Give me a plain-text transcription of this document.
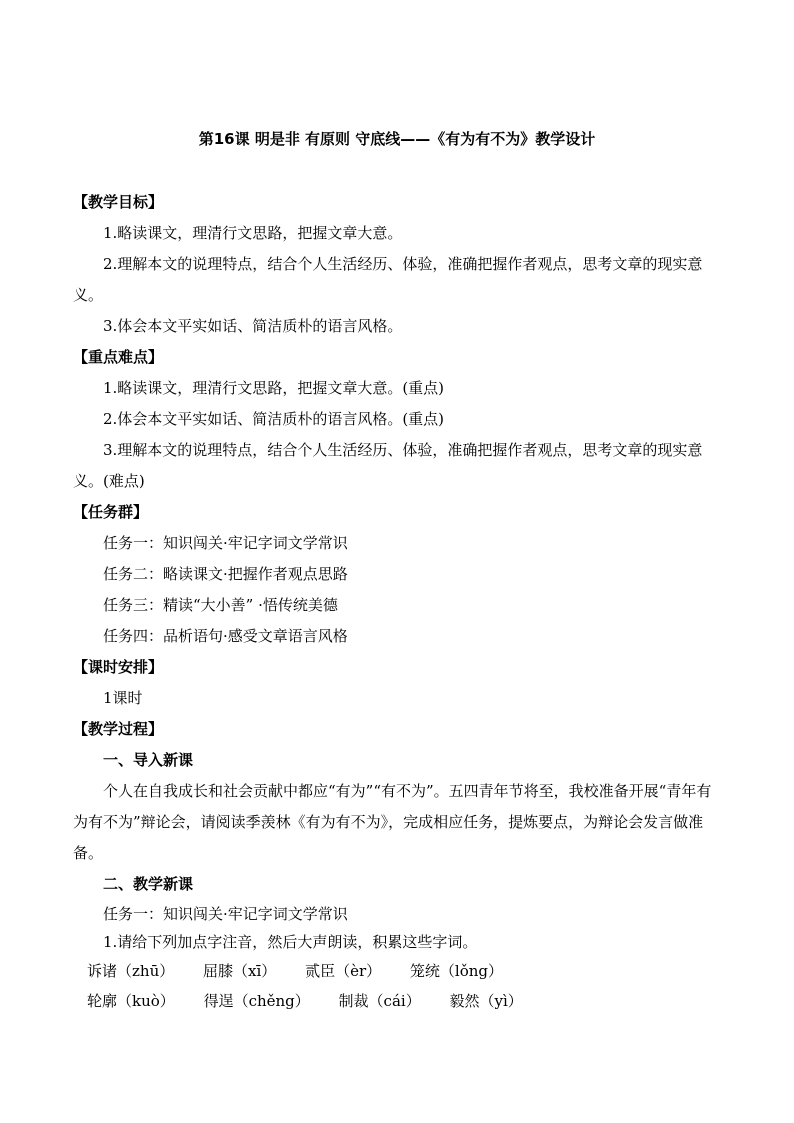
第16课 明是非 有原则 守底线——《有为有不为》教学设计
【教学目标】
1.略读课文，理清行文思路，把握文章大意。
2.理解本文的说理特点，结合个人生活经历、体验，准确把握作者观点，思考文章的现实意义。
3.体会本文平实如话、简洁质朴的语言风格。
【重点难点】
1.略读课文，理清行文思路，把握文章大意。(重点)
2.体会本文平实如话、简洁质朴的语言风格。(重点)
3.理解本文的说理特点，结合个人生活经历、体验，准确把握作者观点，思考文章的现实意义。(难点)
【任务群】
任务一：知识闯关·牢记字词文学常识
任务二：略读课文·把握作者观点思路
任务三：精读“大小善” ·悟传统美德
任务四：品析语句·感受文章语言风格
【课时安排】
1课时
【教学过程】
一、导入新课
个人在自我成长和社会贡献中都应“有为”“有不为”。五四青年节将至，我校准备开展“青年有为有不为”辩论会，请阅读季羡林《有为有不为》，完成相应任务，提炼要点，为辩论会发言做准备。
二、教学新课
任务一：知识闯关·牢记字词文学常识
1.请给下列加点字注音，然后大声朗读，积累这些字词。
诉诸（zhū） 屈膝（xī） 贰臣（èr） 笼统（lǒng）
轮廓（kuò） 得逞（chěng） 制裁（cái） 毅然（yì）
